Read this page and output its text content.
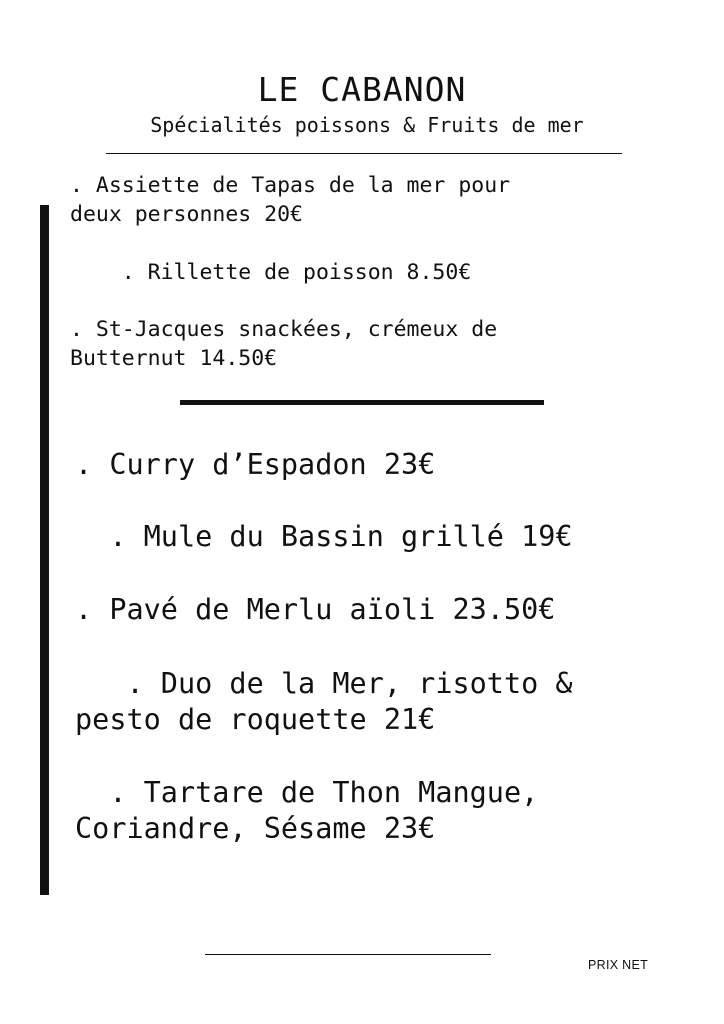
LE CABANON
Spécialités poissons & Fruits de mer
. Assiette de Tapas de la mer pour
deux personnes 20€
. Rillette de poisson 8.50€
. St-Jacques snackées, crémeux de
Butternut 14.50€
. Curry d’Espadon 23€
. Mule du Bassin grillé 19€
. Pavé de Merlu aïoli 23.50€
. Duo de la Mer, risotto &
pesto de roquette 21€
. Tartare de Thon Mangue,
Coriandre, Sésame 23€
PRIX NET
